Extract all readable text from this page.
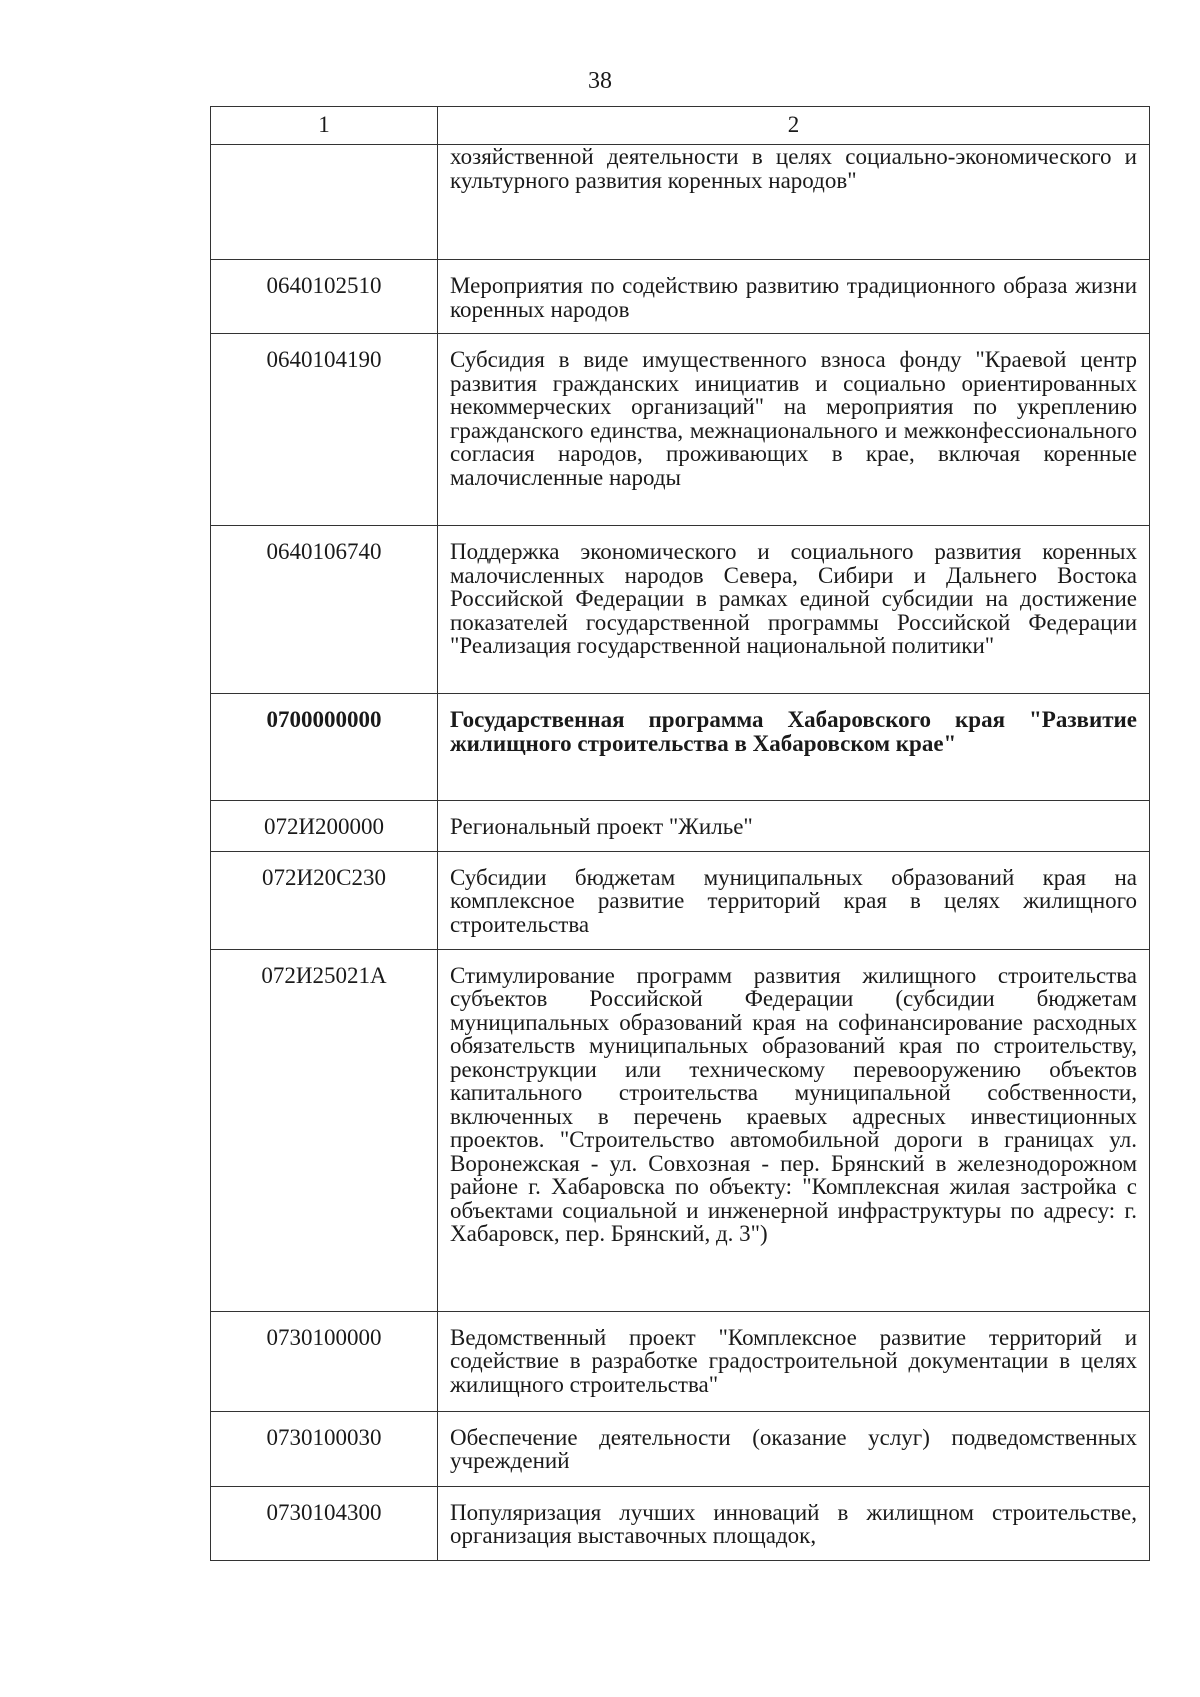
38
1	2
	хозяйственной деятельности в целях социально-экономического и культурного развития коренных народов"
0640102510	Мероприятия по содействию развитию традиционного образа жизни коренных народов
0640104190	Субсидия в виде имущественного взноса фонду "Краевой центр развития гражданских инициатив и социально ориентированных некоммерческих организаций" на мероприятия по укреплению гражданского единства, межнационального и межконфессионального согласия народов, проживающих в крае, включая коренные малочисленные народы
0640106740	Поддержка экономического и социального развития коренных малочисленных народов Севера, Сибири и Дальнего Востока Российской Федерации в рамках единой субсидии на достижение показателей государственной программы Российской Федерации "Реализация государственной национальной политики"
0700000000	Государственная программа Хабаровского края "Развитие жилищного строительства в Хабаровском крае"
072И200000	Региональный проект "Жилье"
072И20С230	Субсидии бюджетам муниципальных образований края на комплексное развитие территорий края в целях жилищного строительства
072И25021А	Стимулирование программ развития жилищного строительства субъектов Российской Федерации (субсидии бюджетам муниципальных образований края на софинансирование расходных обязательств муниципальных образований края по строительству, реконструкции или техническому перевооружению объектов капитального строительства муниципальной собственности, включенных в перечень краевых адресных инвестиционных проектов. "Строительство автомобильной дороги в границах ул. Воронежская - ул. Совхозная - пер. Брянский в железнодорожном районе г. Хабаровска по объекту: "Комплексная жилая застройка с объектами социальной и инженерной инфраструктуры по адресу: г. Хабаровск, пер. Брянский, д. 3")
0730100000	Ведомственный проект "Комплексное развитие территорий и содействие в разработке градостроительной документации в целях жилищного строительства"
0730100030	Обеспечение деятельности (оказание услуг) подведомственных учреждений
0730104300	Популяризация лучших инноваций в жилищном строительстве, организация выставочных площадок,
